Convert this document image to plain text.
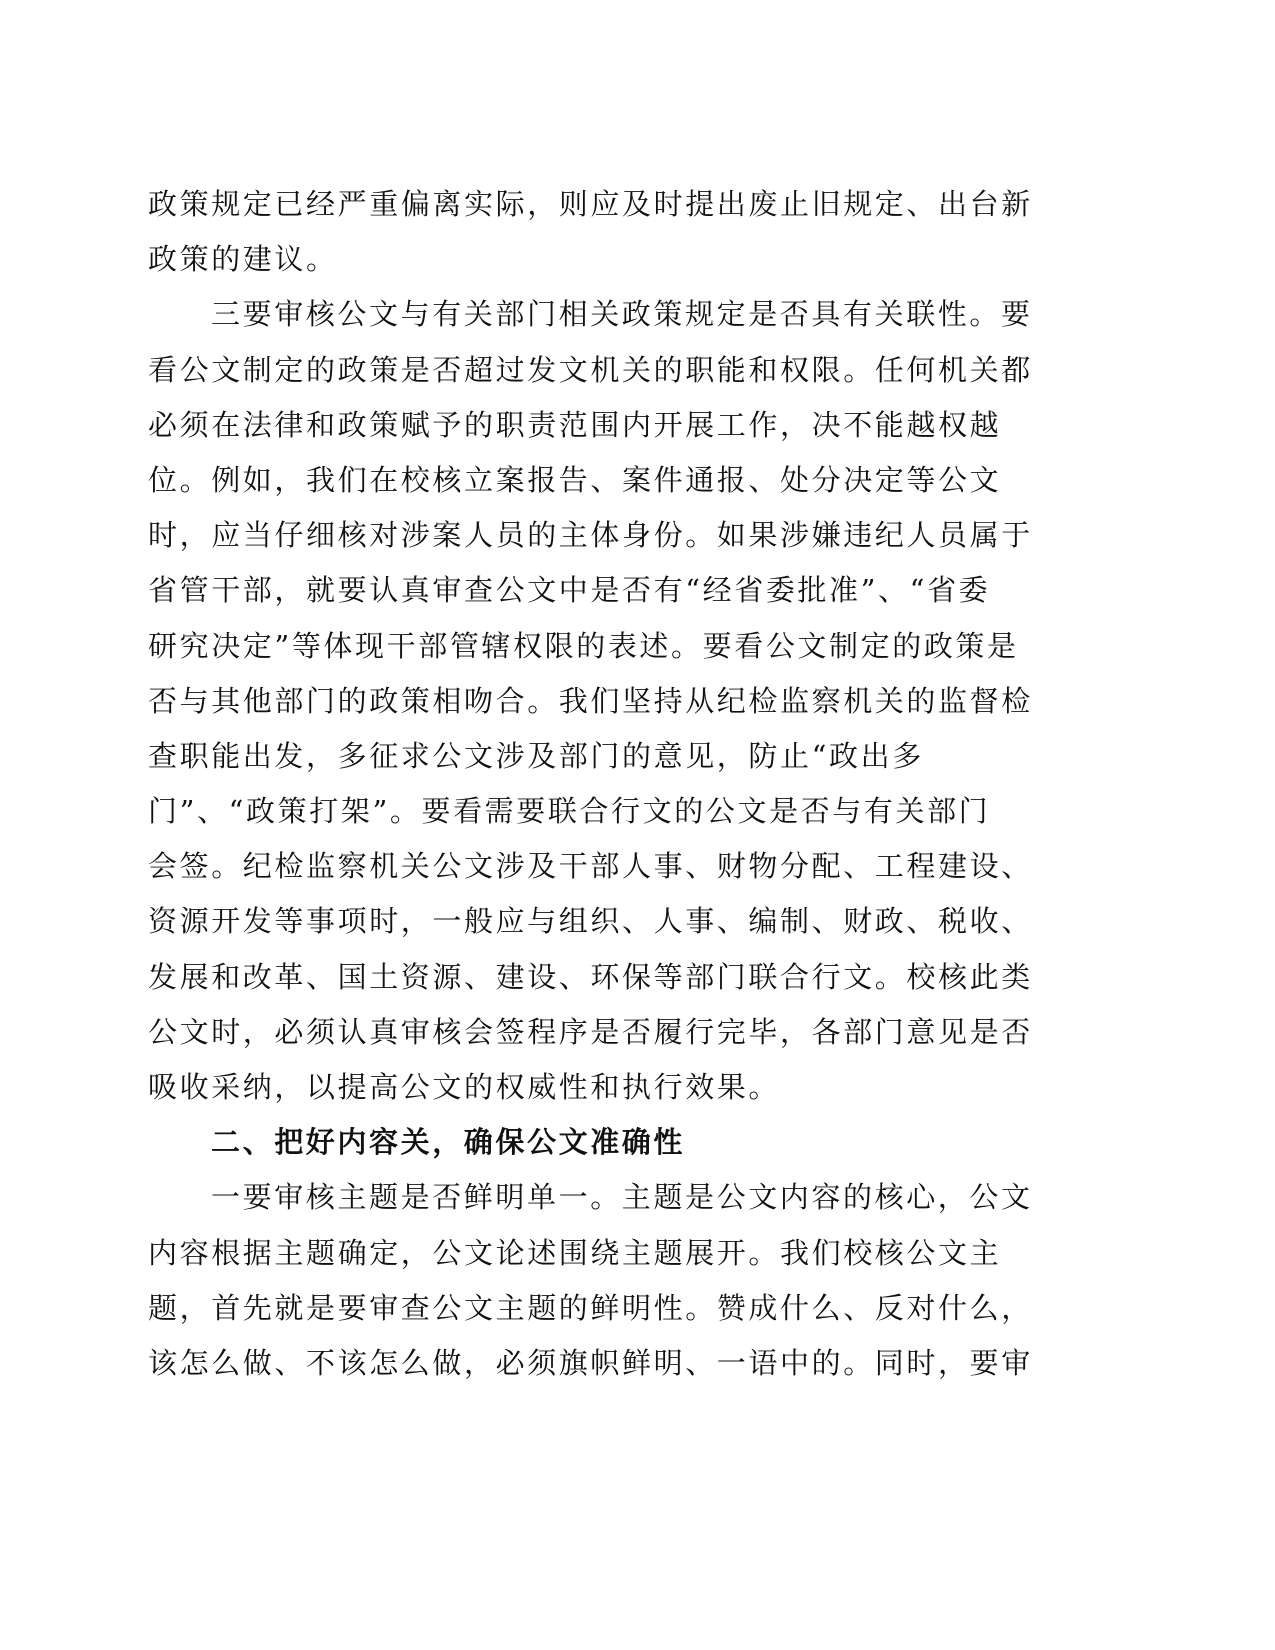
政策规定已经严重偏离实际，则应及时提出废止旧规定、出台新
政策的建议。
三要审核公文与有关部门相关政策规定是否具有关联性。要
看公文制定的政策是否超过发文机关的职能和权限。任何机关都
必须在法律和政策赋予的职责范围内开展工作，决不能越权越
位。例如，我们在校核立案报告、案件通报、处分决定等公文
时，应当仔细核对涉案人员的主体身份。如果涉嫌违纪人员属于
省管干部，就要认真审查公文中是否有“经省委批准”、“省委
研究决定”等体现干部管辖权限的表述。要看公文制定的政策是
否与其他部门的政策相吻合。我们坚持从纪检监察机关的监督检
查职能出发，多征求公文涉及部门的意见，防止“政出多
门”、“政策打架”。要看需要联合行文的公文是否与有关部门
会签。纪检监察机关公文涉及干部人事、财物分配、工程建设、
资源开发等事项时，一般应与组织、人事、编制、财政、税收、
发展和改革、国土资源、建设、环保等部门联合行文。校核此类
公文时，必须认真审核会签程序是否履行完毕，各部门意见是否
吸收采纳，以提高公文的权威性和执行效果。
二、把好内容关，确保公文准确性
一要审核主题是否鲜明单一。主题是公文内容的核心，公文
内容根据主题确定，公文论述围绕主题展开。我们校核公文主
题，首先就是要审查公文主题的鲜明性。赞成什么、反对什么，
该怎么做、不该怎么做，必须旗帜鲜明、一语中的。同时，要审
